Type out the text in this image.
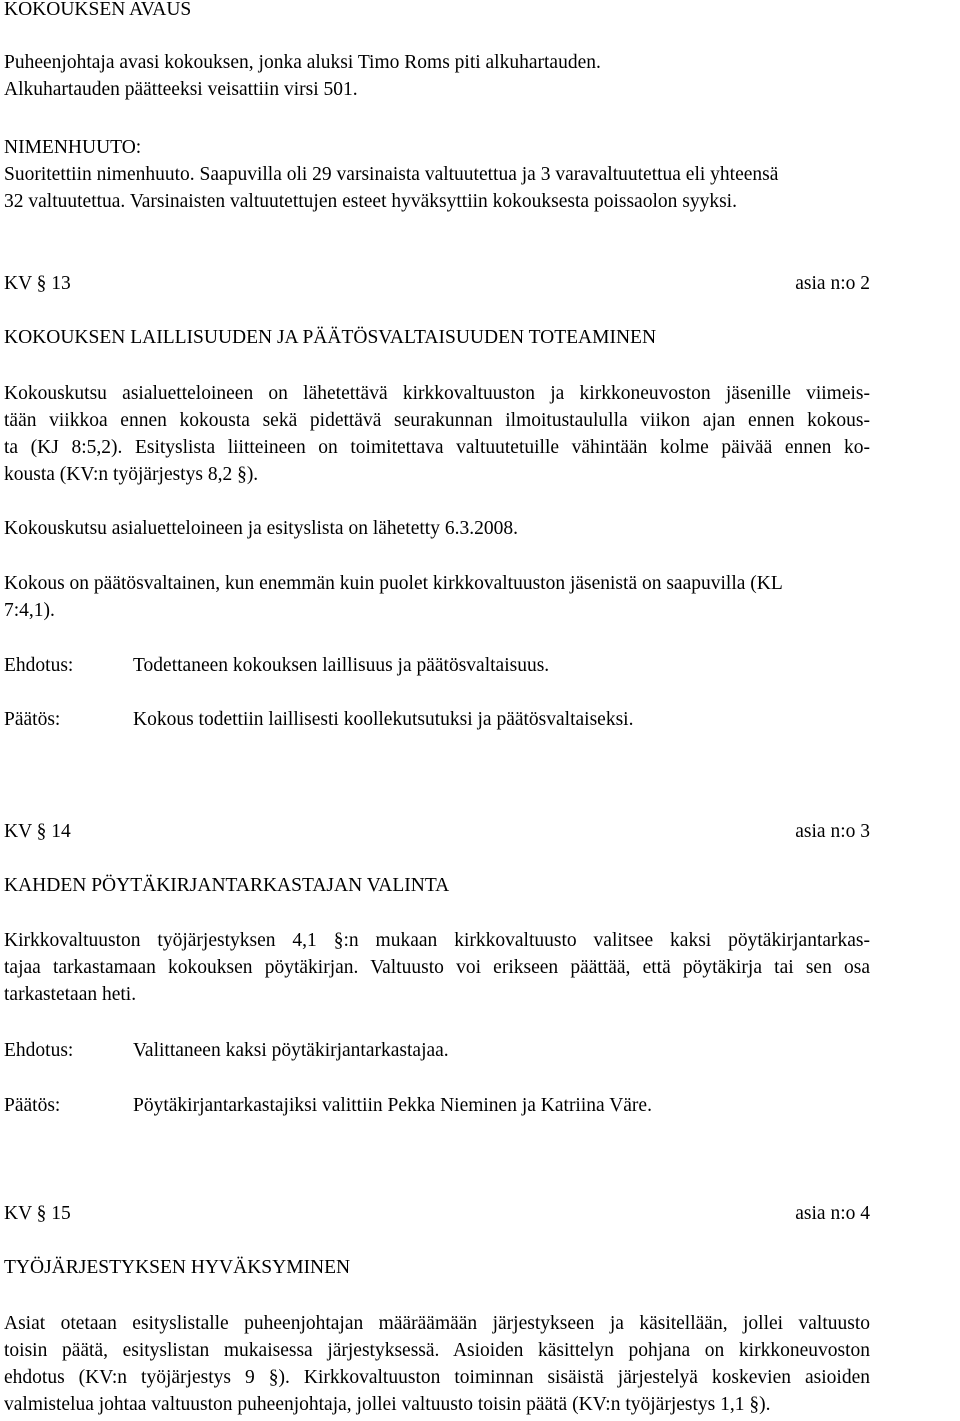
KOKOUKSEN AVAUS
Puheenjohtaja avasi kokouksen, jonka aluksi Timo Roms piti alkuhartauden.
Alkuhartauden päätteeksi veisattiin virsi 501.
NIMENHUUTO:
Suoritettiin nimenhuuto. Saapuvilla oli 29 varsinaista valtuutettua ja 3 varavaltuutettua eli yhteensä
32 valtuutettua. Varsinaisten valtuutettujen esteet hyväksyttiin kokouksesta poissaolon syyksi.
KV § 13	asia n:o 2
KOKOUKSEN LAILLISUUDEN JA PÄÄTÖSVALTAISUUDEN TOTEAMINEN
Kokouskutsu asialuetteloineen on lähetettävä kirkkovaltuuston ja kirkkoneuvoston jäsenille viimeis-
tään viikkoa ennen kokousta sekä pidettävä seurakunnan ilmoitustaululla viikon ajan ennen kokous-
ta (KJ 8:5,2). Esityslista liitteineen on toimitettava valtuutetuille vähintään kolme päivää ennen ko-
kousta (KV:n työjärjestys 8,2 §).
Kokouskutsu asialuetteloineen ja esityslista on lähetetty 6.3.2008.
Kokous on päätösvaltainen, kun enemmän kuin puolet kirkkovaltuuston jäsenistä on saapuvilla (KL
7:4,1).
Ehdotus:	Todettaneen kokouksen laillisuus ja päätösvaltaisuus.
Päätös:	Kokous todettiin laillisesti koollekutsutuksi ja päätösvaltaiseksi.
KV § 14	asia n:o 3
KAHDEN PÖYTÄKIRJANTARKASTAJAN VALINTA
Kirkkovaltuuston työjärjestyksen 4,1 §:n mukaan kirkkovaltuusto valitsee kaksi pöytäkirjantarkas-
tajaa tarkastamaan kokouksen pöytäkirjan. Valtuusto voi erikseen päättää, että pöytäkirja tai sen osa
tarkastetaan heti.
Ehdotus:	Valittaneen kaksi pöytäkirjantarkastajaa.
Päätös:	Pöytäkirjantarkastajiksi valittiin Pekka Nieminen ja Katriina Väre.
KV § 15	asia n:o 4
TYÖJÄRJESTYKSEN HYVÄKSYMINEN
Asiat otetaan esityslistalle puheenjohtajan määräämään järjestykseen ja käsitellään, jollei valtuusto
toisin päätä, esityslistan mukaisessa järjestyksessä. Asioiden käsittelyn pohjana on kirkkoneuvoston
ehdotus (KV:n työjärjestys 9 §). Kirkkovaltuuston toiminnan sisäistä järjestelyä koskevien asioiden
valmistelua johtaa valtuuston puheenjohtaja, jollei valtuusto toisin päätä (KV:n työjärjestys 1,1 §).
